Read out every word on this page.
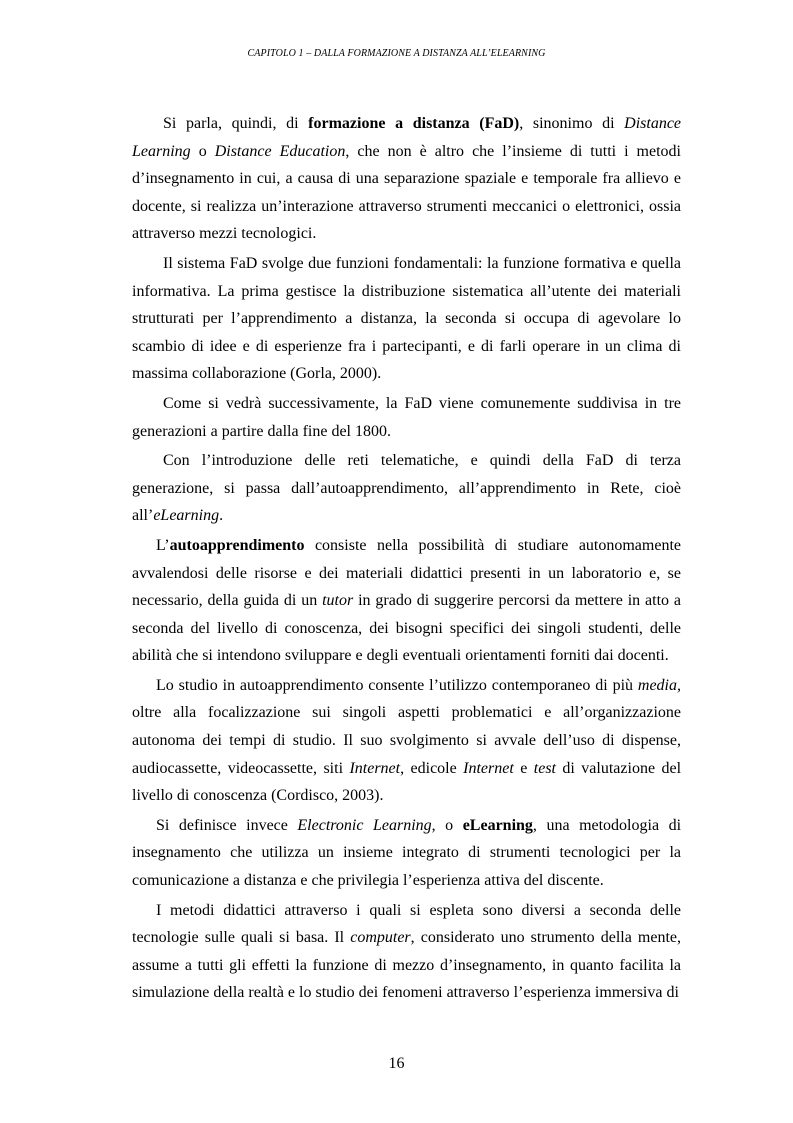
CAPITOLO 1 – DALLA FORMAZIONE A DISTANZA ALL’ELEARNING

Si parla, quindi, di formazione a distanza (FaD), sinonimo di Distance Learning o Distance Education, che non è altro che l’insieme di tutti i metodi d’insegnamento in cui, a causa di una separazione spaziale e temporale fra allievo e docente, si realizza un’interazione attraverso strumenti meccanici o elettronici, ossia attraverso mezzi tecnologici.

Il sistema FaD svolge due funzioni fondamentali: la funzione formativa e quella informativa. La prima gestisce la distribuzione sistematica all’utente dei materiali strutturati per l’apprendimento a distanza, la seconda si occupa di agevolare lo scambio di idee e di esperienze fra i partecipanti, e di farli operare in un clima di massima collaborazione (Gorla, 2000).

Come si vedrà successivamente, la FaD viene comunemente suddivisa in tre generazioni a partire dalla fine del 1800.

Con l’introduzione delle reti telematiche, e quindi della FaD di terza generazione, si passa dall’autoapprendimento, all’apprendimento in Rete, cioè all’eLearning.

L’autoapprendimento consiste nella possibilità di studiare autonomamente avvalendosi delle risorse e dei materiali didattici presenti in un laboratorio e, se necessario, della guida di un tutor in grado di suggerire percorsi da mettere in atto a seconda del livello di conoscenza, dei bisogni specifici dei singoli studenti, delle abilità che si intendono sviluppare e degli eventuali orientamenti forniti dai docenti.

Lo studio in autoapprendimento consente l’utilizzo contemporaneo di più media, oltre alla focalizzazione sui singoli aspetti problematici e all’organizzazione autonoma dei tempi di studio. Il suo svolgimento si avvale dell’uso di dispense, audiocassette, videocassette, siti Internet, edicole Internet e test di valutazione del livello di conoscenza (Cordisco, 2003).

Si definisce invece Electronic Learning, o eLearning, una metodologia di insegnamento che utilizza un insieme integrato di strumenti tecnologici per la comunicazione a distanza e che privilegia l’esperienza attiva del discente.

I metodi didattici attraverso i quali si espleta sono diversi a seconda delle tecnologie sulle quali si basa. Il computer, considerato uno strumento della mente, assume a tutti gli effetti la funzione di mezzo d’insegnamento, in quanto facilita la simulazione della realtà e lo studio dei fenomeni attraverso l’esperienza immersiva di

16
